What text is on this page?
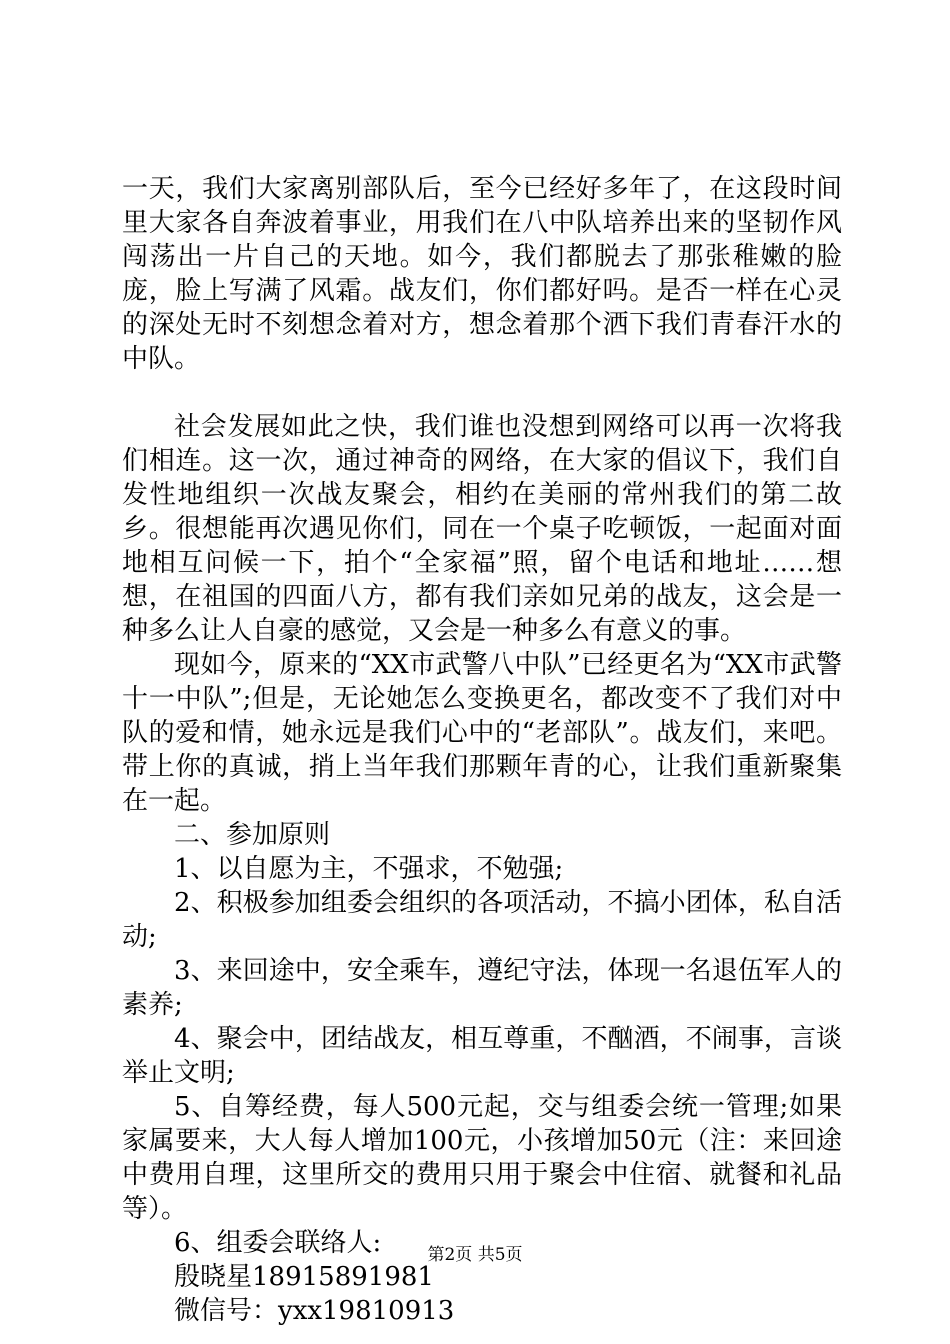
一天，我们大家离别部队后，至今已经好多年了，在这段时间里大家各自奔波着事业，用我们在八中队培养出来的坚韧作风闯荡出一片自己的天地。如今，我们都脱去了那张稚嫩的脸庞，脸上写满了风霜。战友们，你们都好吗。是否一样在心灵的深处无时不刻想念着对方，想念着那个洒下我们青春汗水的中队。

社会发展如此之快，我们谁也没想到网络可以再一次将我们相连。这一次，通过神奇的网络，在大家的倡议下，我们自发性地组织一次战友聚会，相约在美丽的常州我们的第二故乡。很想能再次遇见你们，同在一个桌子吃顿饭，一起面对面地相互问候一下，拍个“全家福”照，留个电话和地址……想想，在祖国的四面八方，都有我们亲如兄弟的战友，这会是一种多么让人自豪的感觉，又会是一种多么有意义的事。

现如今，原来的“XX市武警八中队”已经更名为“XX市武警十一中队”;但是，无论她怎么变换更名，都改变不了我们对中队的爱和情，她永远是我们心中的“老部队”。战友们，来吧。带上你的真诚，捎上当年我们那颗年青的心，让我们重新聚集在一起。

二、参加原则

1、以自愿为主，不强求，不勉强;

2、积极参加组委会组织的各项活动，不搞小团体，私自活动;

3、来回途中，安全乘车，遵纪守法，体现一名退伍军人的素养;

4、聚会中，团结战友，相互尊重，不酗酒，不闹事，言谈举止文明;

5、自筹经费，每人500元起，交与组委会统一管理;如果家属要来，大人每人增加100元，小孩增加50元（注：来回途中费用自理，这里所交的费用只用于聚会中住宿、就餐和礼品等）。

6、组委会联络人:

殷晓星18915891981

微信号：yxx19810913

第2页 共5页
